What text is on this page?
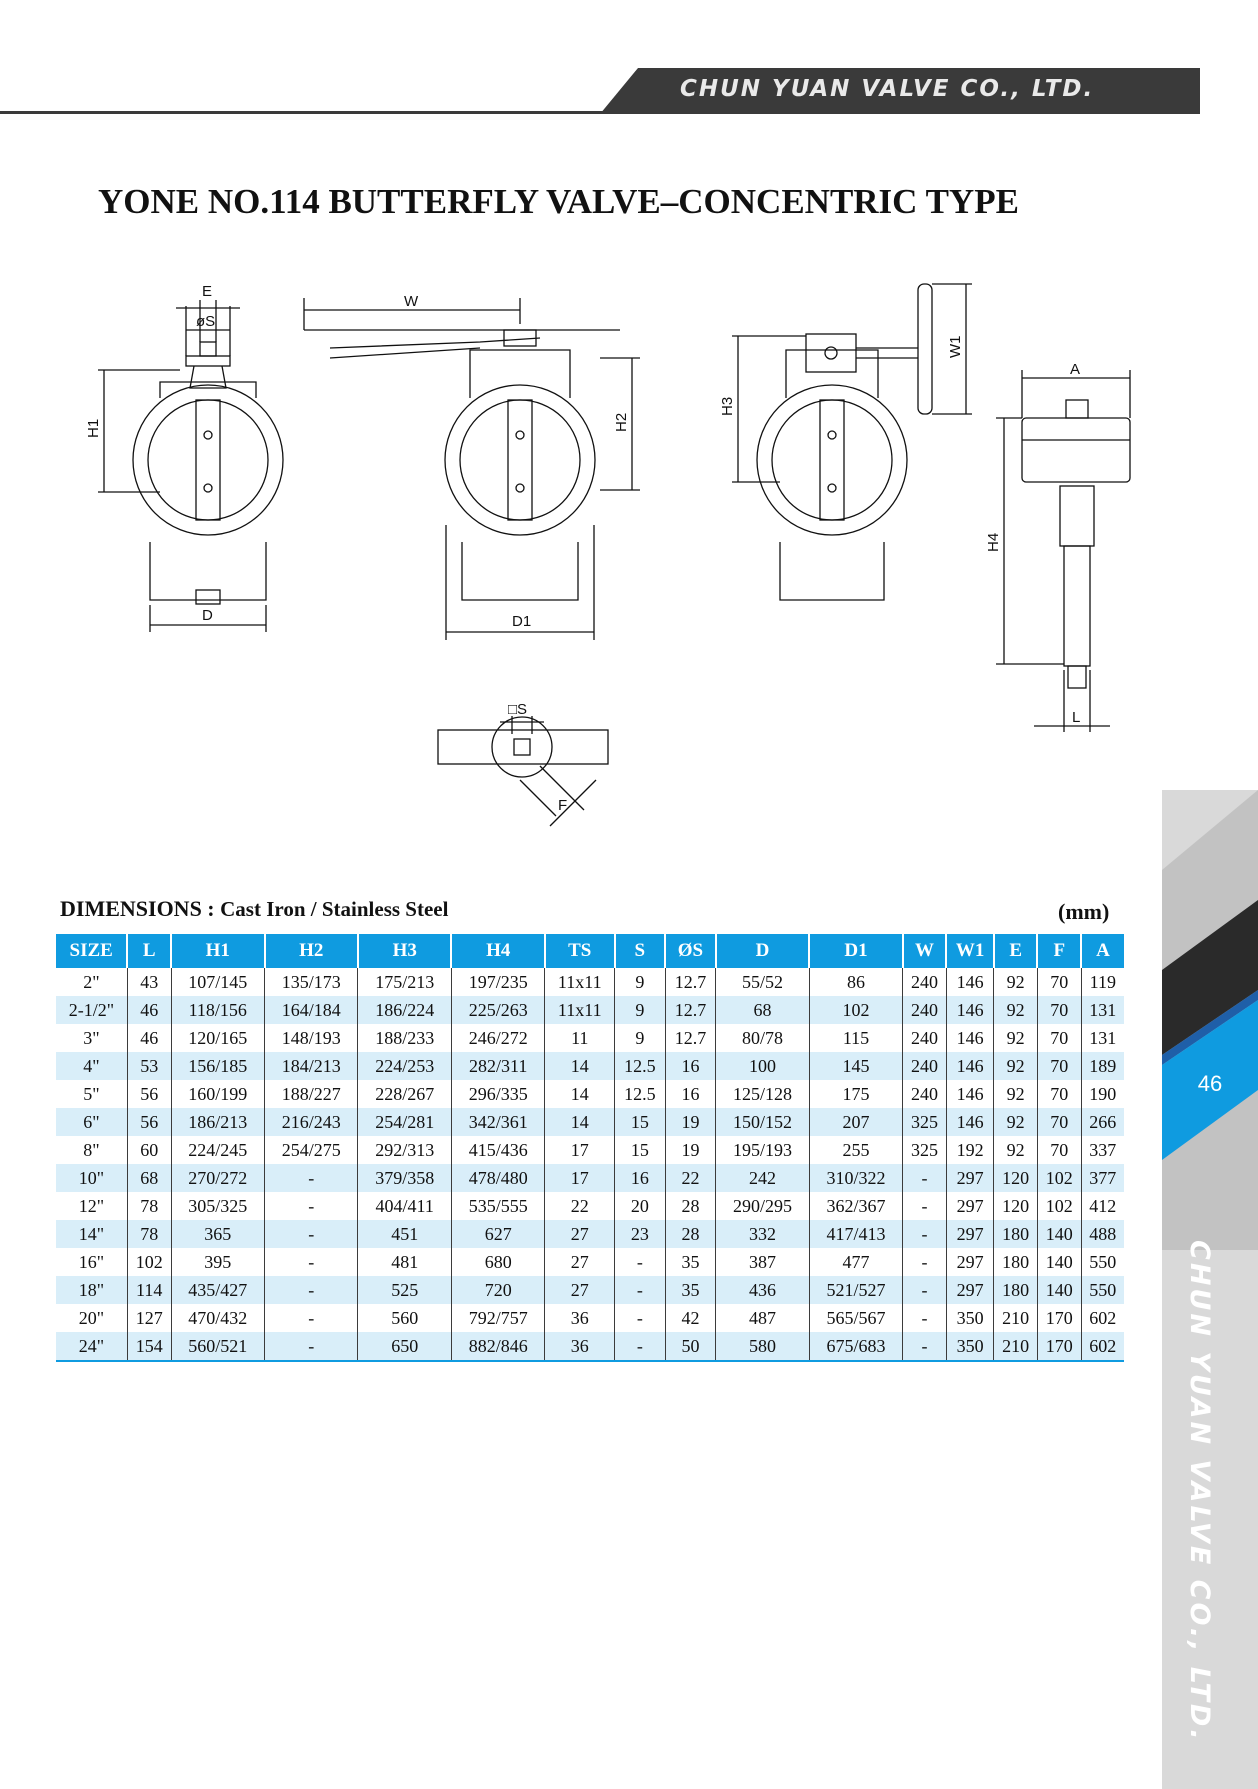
CHUN YUAN VALVE CO., LTD.
YONE NO.114 BUTTERFLY VALVE–CONCENTRIC TYPE
E
øS
H1
D
W
H2
D1
H3
W1
A
H4
L
□S
F
46
CHUN YUAN VALVE CO., LTD.
DIMENSIONS : Cast Iron / Stainless Steel	(mm)
SIZE	L	H1	H2	H3	H4	TS	S	ØS	D	D1	W	W1	E	F	A
2"	43	107/145	135/173	175/213	197/235	11x11	9	12.7	55/52	86	240	146	92	70	119
2-1/2"	46	118/156	164/184	186/224	225/263	11x11	9	12.7	68	102	240	146	92	70	131
3"	46	120/165	148/193	188/233	246/272	11	9	12.7	80/78	115	240	146	92	70	131
4"	53	156/185	184/213	224/253	282/311	14	12.5	16	100	145	240	146	92	70	189
5"	56	160/199	188/227	228/267	296/335	14	12.5	16	125/128	175	240	146	92	70	190
6"	56	186/213	216/243	254/281	342/361	14	15	19	150/152	207	325	146	92	70	266
8"	60	224/245	254/275	292/313	415/436	17	15	19	195/193	255	325	192	92	70	337
10"	68	270/272	-	379/358	478/480	17	16	22	242	310/322	-	297	120	102	377
12"	78	305/325	-	404/411	535/555	22	20	28	290/295	362/367	-	297	120	102	412
14"	78	365	-	451	627	27	23	28	332	417/413	-	297	180	140	488
16"	102	395	-	481	680	27	-	35	387	477	-	297	180	140	550
18"	114	435/427	-	525	720	27	-	35	436	521/527	-	297	180	140	550
20"	127	470/432	-	560	792/757	36	-	42	487	565/567	-	350	210	170	602
24"	154	560/521	-	650	882/846	36	-	50	580	675/683	-	350	210	170	602
